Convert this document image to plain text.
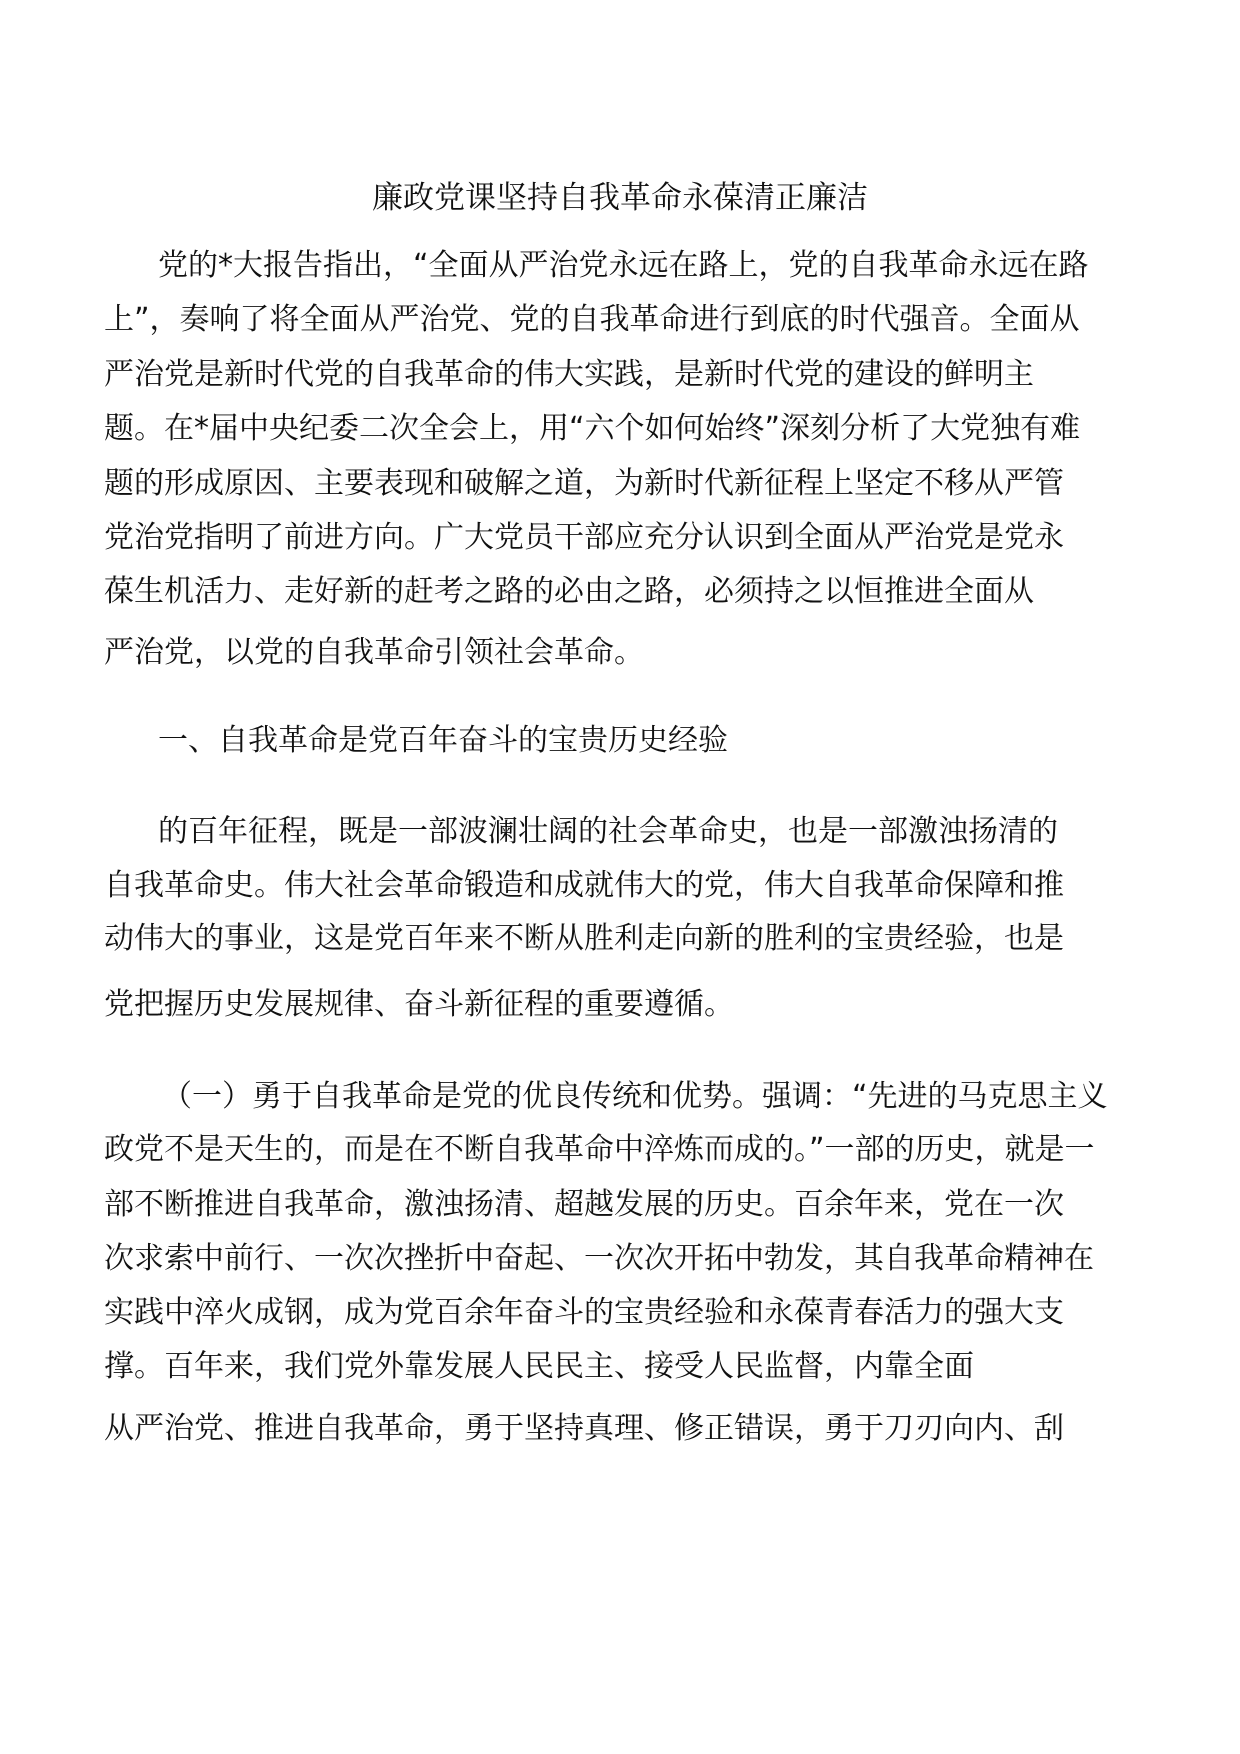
廉政党课坚持自我革命永葆清正廉洁
党的*大报告指出，“全面从严治党永远在路上，党的自我革命永远在 路
上”，奏响了将全面从严治党、党的自我革命进行到底的时代强音。全面 从
严治党是新时代党的自我革命的伟大实践，是新时代党的建设的鲜明主
题。在*届中央纪委二次全会上，用“六个如何始终”深刻分析了大党独有 难
题的形成原因、主要表现和破解之道，为新时代新征程上坚定不移从严 管
党治党指明了前进方向。广大党员干部应充分认识到全面从严治党是党 永
葆生机活力、走好新的赶考之路的必由之路，必须持之以恒推进全面从
严治党，以党的自我革命引领社会革命。
一、自我革命是党百年奋斗的宝贵历史经验
的百年征程，既是一部波澜壮阔的社会革命史，也是一部激浊扬清的
自我革命史。伟大社会革命锻造和成就伟大的党，伟大自我革命保障和推
动伟大的事业，这是党百年来不断从胜利走向新的胜利的宝贵经验，也是
党把握历史发展规律、奋斗新征程的重要遵循。
（一）勇于自我革命是党的优良传统和优势。强调：“先进的马克思主 义
政党不是天生的，而是在不断自我革命中淬炼而成的。”一部的历史，就 是一
部不断推进自我革命，激浊扬清、超越发展的历史。百余年来，党在 一次
次求索中前行、 一次次挫折中奋起、 一次次开拓中勃发，其自我革命 精神在
实践中淬火成钢，成为党百余年奋斗的宝贵经验和永葆青春活力的 强大支
撑。百年来，我们党外靠发展人民民主、接受人民监督，内靠全面
从严治党、推进自我革命，勇于坚持真理、修正错误，勇于刀刃向内、刮
